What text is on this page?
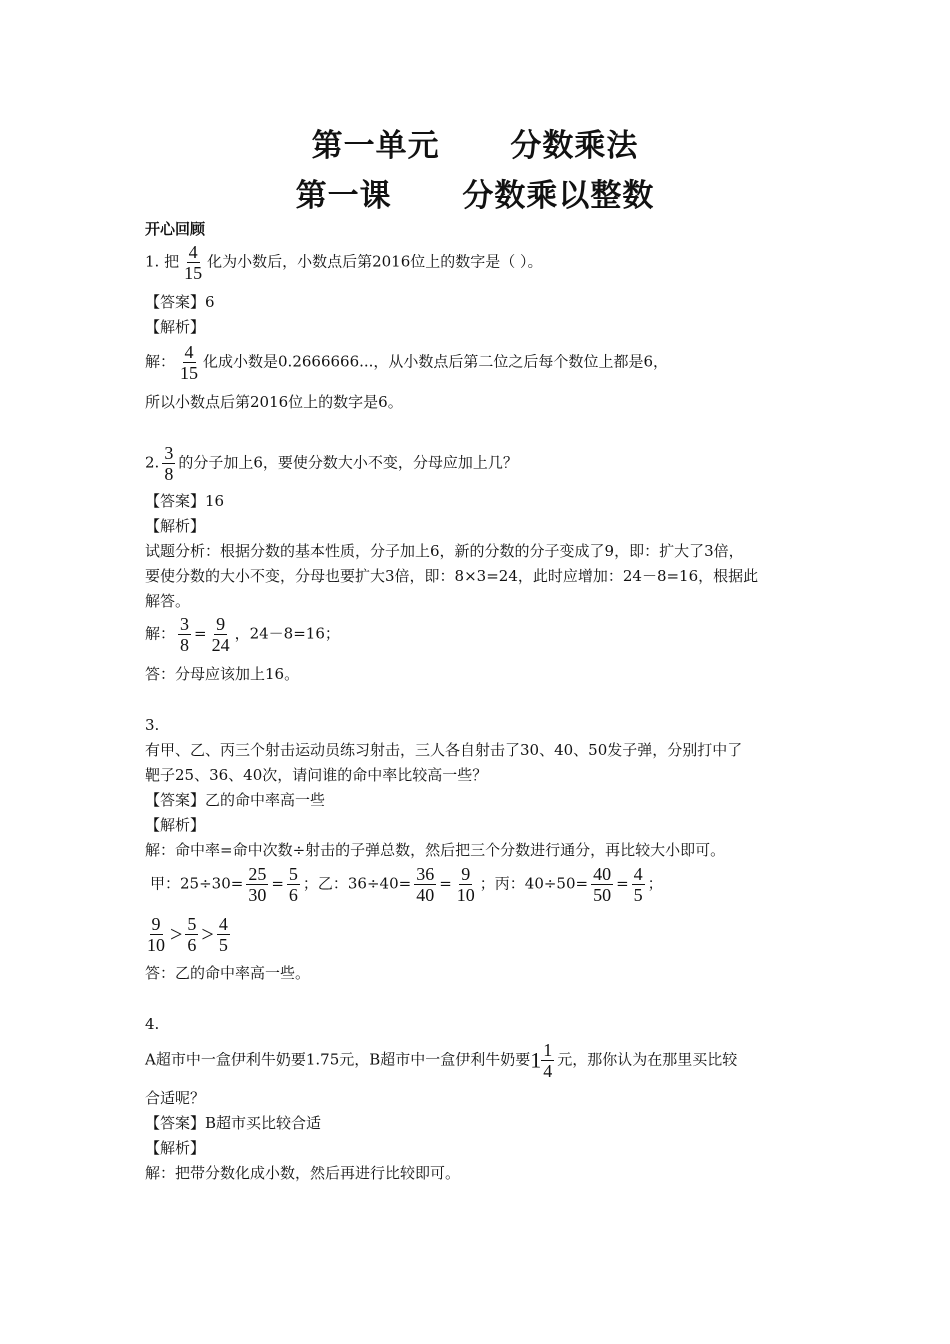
第一单元      分数乘法
第一课      分数乘以整数
开心回顾
1. 把 $\frac{4}{15}$ 化为小数后，小数点后第2016位上的数字是（ ）。
【答案】6
【解析】
解： $\frac{4}{15}$ 化成小数是0.2666666...，从小数点后第二位之后每个数位上都是6，
所以小数点后第2016位上的数字是6。
2. $\frac{3}{8}$ 的分子加上6，要使分数大小不变，分母应加上几？
【答案】16
【解析】
试题分析：根据分数的基本性质，分子加上6，新的分数的分子变成了9，即：扩大了3倍，
要使分数的大小不变，分母也要扩大3倍，即：8×3=24，此时应增加：24－8=16，根据此
解答。
解： $\frac{3}{8} = \frac{9}{24}$ ，24－8=16；
答：分母应该加上16。
3.
有甲、乙、丙三个射击运动员练习射击，三人各自射击了30、40、50发子弹，分别打中了
靶子25、36、40次，请问谁的命中率比较高一些？
【答案】乙的命中率高一些
【解析】
解：命中率=命中次数÷射击的子弹总数，然后把三个分数进行通分，再比较大小即可。
甲：$25\div 30= \frac{25}{30} = \frac{5}{6}$ ；乙：$36\div 40= \frac{36}{40} = \frac{9}{10}$ ；丙：$40\div 50= \frac{40}{50} = \frac{4}{5}$ ；
$\frac{9}{10} > \frac{5}{6} > \frac{4}{5}$
答：乙的命中率高一些。
4.
A超市中一盒伊利牛奶要1.75元，B超市中一盒伊利牛奶要$1 \frac{1}{4}$ 元，那你认为在那里买比较
合适呢？
【答案】B超市买比较合适
【解析】
解：把带分数化成小数，然后再进行比较即可。
